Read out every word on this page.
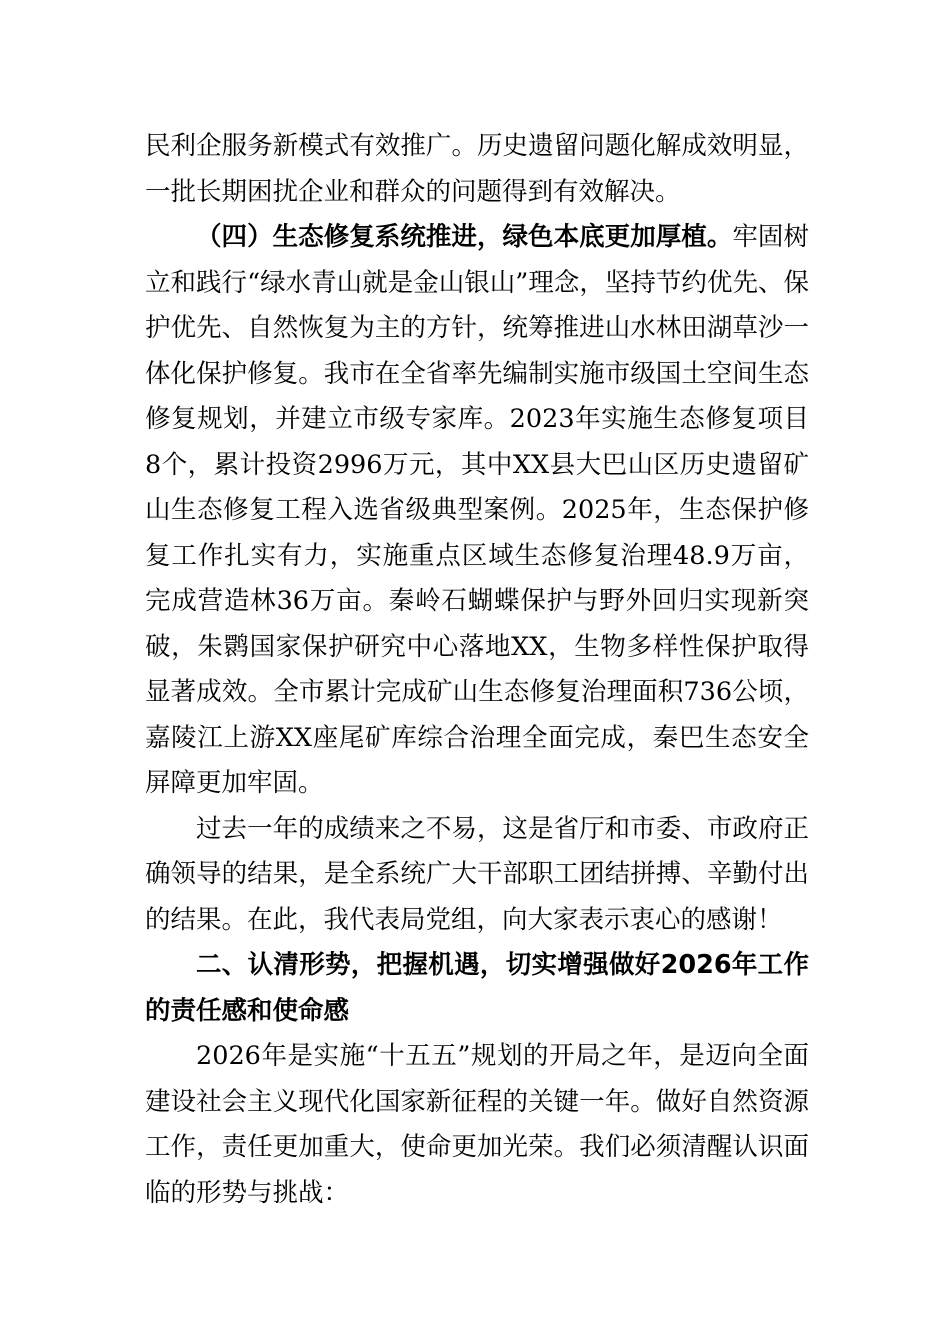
民利企服务新模式有效推广。历史遗留问题化解成效明显，一批长期困扰企业和群众的问题得到有效解决。

（四）生态修复系统推进，绿色本底更加厚植。牢固树立和践行“绿水青山就是金山银山”理念，坚持节约优先、保护优先、自然恢复为主的方针，统筹推进山水林田湖草沙一体化保护修复。我市在全省率先编制实施市级国土空间生态修复规划，并建立市级专家库。2023年实施生态修复项目8个，累计投资2996万元，其中XX县大巴山区历史遗留矿山生态修复工程入选省级典型案例。2025年，生态保护修复工作扎实有力，实施重点区域生态修复治理48.9万亩，完成营造林36万亩。秦岭石蝴蝶保护与野外回归实现新突破，朱鹮国家保护研究中心落地XX，生物多样性保护取得显著成效。全市累计完成矿山生态修复治理面积736公顷，嘉陵江上游XX座尾矿库综合治理全面完成，秦巴生态安全屏障更加牢固。

过去一年的成绩来之不易，这是省厅和市委、市政府正确领导的结果，是全系统广大干部职工团结拼搏、辛勤付出的结果。在此，我代表局党组，向大家表示衷心的感谢！

二、认清形势，把握机遇，切实增强做好2026年工作的责任感和使命感

2026年是实施“十五五”规划的开局之年，是迈向全面建设社会主义现代化国家新征程的关键一年。做好自然资源工作，责任更加重大，使命更加光荣。我们必须清醒认识面临的形势与挑战：
